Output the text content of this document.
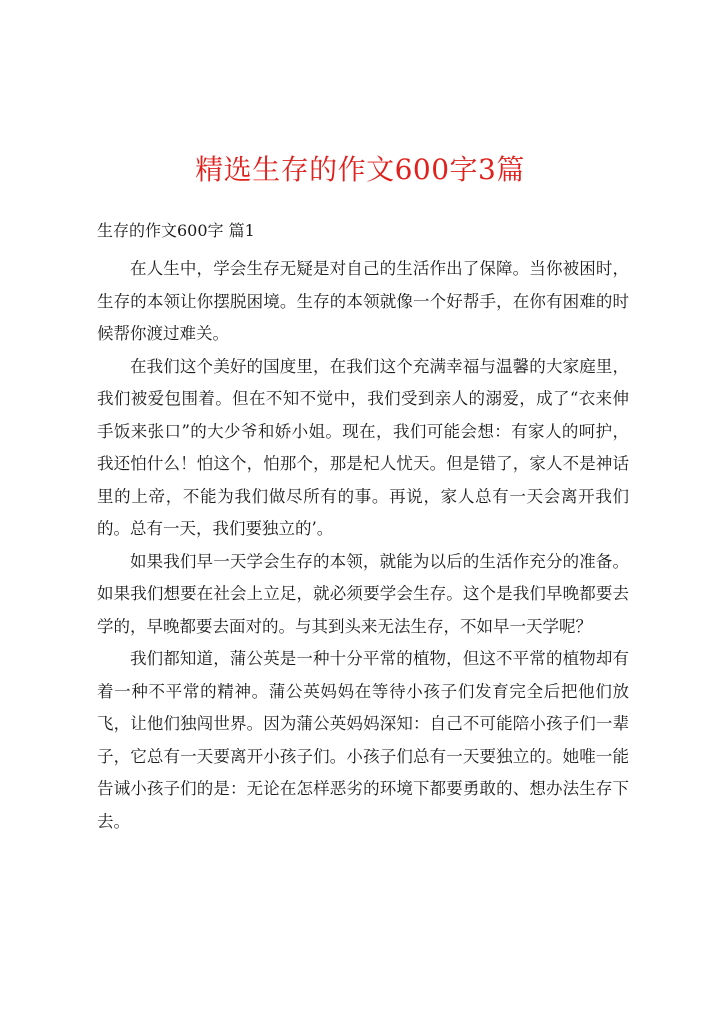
精选生存的作文600字3篇
生存的作文600字 篇1

在人生中，学会生存无疑是对自己的生活作出了保障。当你被困时，生存的本领让你摆脱困境。生存的本领就像一个好帮手，在你有困难的时候帮你渡过难关。

在我们这个美好的国度里，在我们这个充满幸福与温馨的大家庭里，我们被爱包围着。但在不知不觉中，我们受到亲人的溺爱，成了“衣来伸手饭来张口”的大少爷和娇小姐。现在，我们可能会想：有家人的呵护，我还怕什么！怕这个，怕那个，那是杞人忧天。但是错了，家人不是神话里的上帝，不能为我们做尽所有的事。再说，家人总有一天会离开我们的。总有一天，我们要独立的’。

如果我们早一天学会生存的本领，就能为以后的生活作充分的准备。如果我们想要在社会上立足，就必须要学会生存。这个是我们早晚都要去学的，早晚都要去面对的。与其到头来无法生存，不如早一天学呢？

我们都知道，蒲公英是一种十分平常的植物，但这不平常的植物却有着一种不平常的精神。蒲公英妈妈在等待小孩子们发育完全后把他们放飞，让他们独闯世界。因为蒲公英妈妈深知：自己不可能陪小孩子们一辈子，它总有一天要离开小孩子们。小孩子们总有一天要独立的。她唯一能告诫小孩子们的是：无论在怎样恶劣的环境下都要勇敢的、想办法生存下去。
